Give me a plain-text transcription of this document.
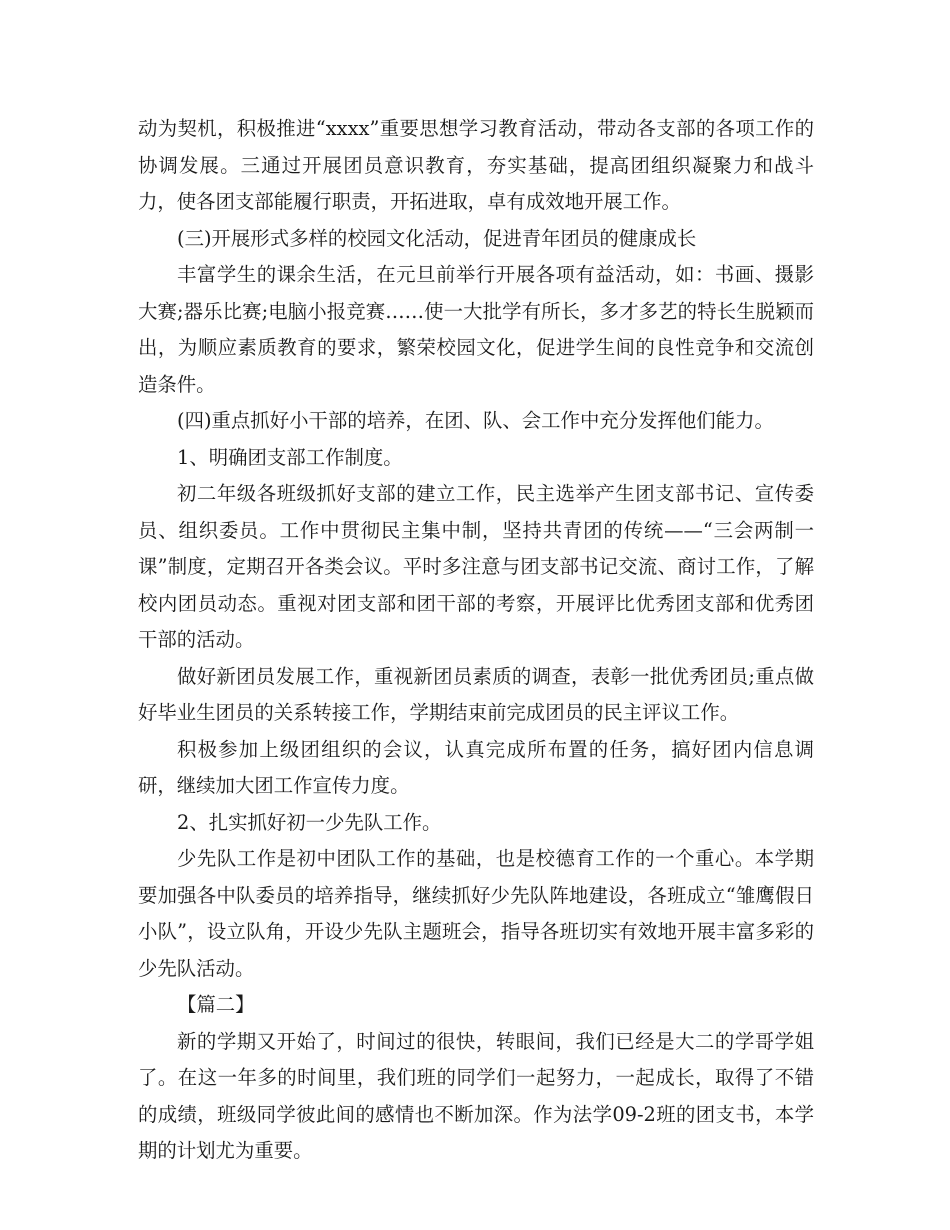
动为契机，积极推进“xxxx”重要思想学习教育活动，带动各支部的各项工作的协调发展。三通过开展团员意识教育，夯实基础，提高团组织凝聚力和战斗力，使各团支部能履行职责，开拓进取，卓有成效地开展工作。

(三)开展形式多样的校园文化活动，促进青年团员的健康成长

丰富学生的课余生活，在元旦前举行开展各项有益活动，如：书画、摄影大赛;器乐比赛;电脑小报竞赛……使一大批学有所长，多才多艺的特长生脱颖而出，为顺应素质教育的要求，繁荣校园文化，促进学生间的良性竞争和交流创造条件。

(四)重点抓好小干部的培养，在团、队、会工作中充分发挥他们能力。

1、明确团支部工作制度。

初二年级各班级抓好支部的建立工作，民主选举产生团支部书记、宣传委员、组织委员。工作中贯彻民主集中制，坚持共青团的传统——“三会两制一课”制度，定期召开各类会议。平时多注意与团支部书记交流、商讨工作，了解校内团员动态。重视对团支部和团干部的考察，开展评比优秀团支部和优秀团干部的活动。

做好新团员发展工作，重视新团员素质的调查，表彰一批优秀团员;重点做好毕业生团员的关系转接工作，学期结束前完成团员的民主评议工作。

积极参加上级团组织的会议，认真完成所布置的任务，搞好团内信息调研，继续加大团工作宣传力度。

2、扎实抓好初一少先队工作。

少先队工作是初中团队工作的基础，也是校德育工作的一个重心。本学期要加强各中队委员的培养指导，继续抓好少先队阵地建设，各班成立“雏鹰假日小队”，设立队角，开设少先队主题班会，指导各班切实有效地开展丰富多彩的少先队活动。

【篇二】

新的学期又开始了，时间过的很快，转眼间，我们已经是大二的学哥学姐了。在这一年多的时间里，我们班的同学们一起努力，一起成长，取得了不错的成绩，班级同学彼此间的感情也不断加深。作为法学09-2班的团支书，本学期的计划尤为重要。
